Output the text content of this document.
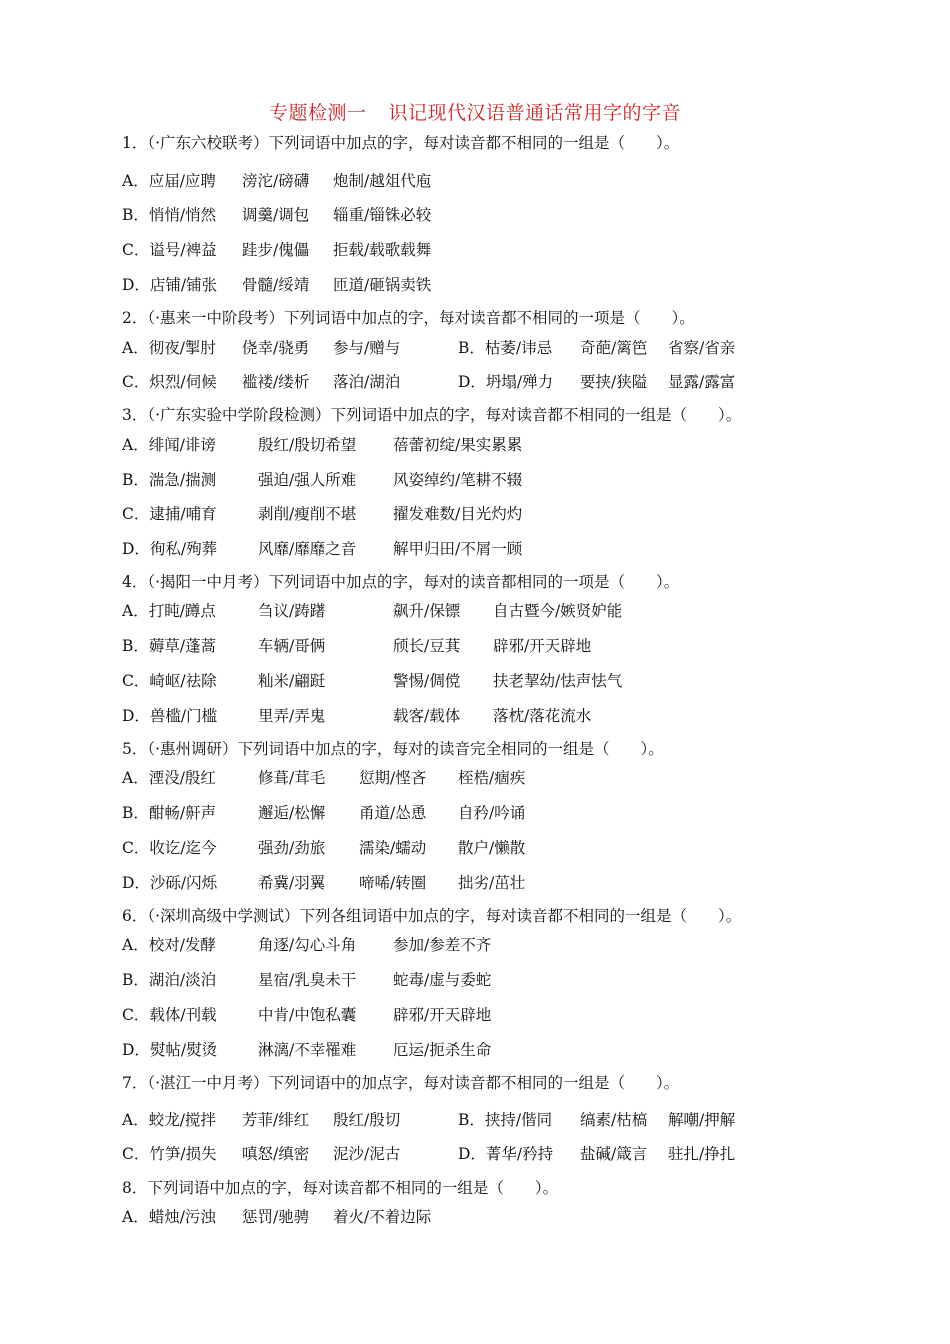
专题检测一 识记现代汉语普通话常用字的字音
1．（·广东六校联考）下列词语中加点的字，每对读音都不相同的一组是（　　）。
A．应届/应聘 滂沱/磅礴 炮制/越俎代庖
B．悄悄/悄然 调羹/调包 辎重/锱铢必较
C．谥号/裨益 跬步/傀儡 拒载/载歌载舞
D．店铺/铺张 骨髓/绥靖 匝道/砸锅卖铁
2．（·惠来一中阶段考）下列词语中加点的字，每对读音都不相同的一项是（　　）。
A．彻夜/掣肘 侥幸/骁勇 参与/赠与	B．枯萎/讳忌 奇葩/篱笆 省察/省亲
C．炽烈/伺候 褴褛/缕析 落泊/湖泊	D．坍塌/殚力 要挟/狭隘 显露/露富
3．（·广东实验中学阶段检测）下列词语中加点的字，每对读音都不相同的一组是（　　）。
A．绯闻/诽谤	殷红/殷切希望 蓓蕾初绽/果实累累
B．湍急/揣测	强迫/强人所难 风姿绰约/笔耕不辍
C．逮捕/哺育	剥削/瘦削不堪 擢发难数/目光灼灼
D．徇私/殉葬	风靡/靡靡之音 解甲归田/不屑一顾
4．（·揭阳一中月考）下列词语中加点的字，每对的读音都相同的一项是（　　）。
A．打盹/蹲点	刍议/踌躇	飙升/保镖 自古暨今/嫉贤妒能
B．薅草/蓬蒿	车辆/哥俩	颀长/豆萁 辟邪/开天辟地
C．崎岖/祛除	籼米/翩跹	警惕/倜傥 扶老挈幼/怯声怯气
D．兽槛/门槛	里弄/弄鬼	载客/载体 落枕/落花流水
5．（·惠州调研）下列词语中加点的字，每对的读音完全相同的一组是（　　）。
A．湮没/殷红	修葺/茸毛 愆期/悭吝 桎梏/痼疾
B．酣畅/鼾声	邂逅/松懈 甬道/怂恿 自矜/吟诵
C．收讫/迄今	强劲/劲旅 濡染/蠕动 散户/懒散
D．沙砾/闪烁	希冀/羽翼 啼唏/转圈 拙劣/茁壮
6．（·深圳高级中学测试）下列各组词语中加点的字，每对读音都不相同的一组是（　　）。
A．校对/发酵	角逐/勾心斗角 参加/参差不齐
B．湖泊/淡泊	星宿/乳臭未干 蛇毒/虚与委蛇
C．载体/刊载	中肯/中饱私囊 辟邪/开天辟地
D．熨帖/熨烫	淋漓/不幸罹难 厄运/扼杀生命
7．（·湛江一中月考）下列词语中的加点字，每对读音都不相同的一组是（　　）。
A．蛟龙/搅拌 芳菲/绯红 殷红/殷切	B．挟持/偕同 缟素/枯槁 解嘲/押解
C．竹笋/损失 嗔怒/缜密 泥沙/泥古	D．菁华/矜持 盐碱/箴言 驻扎/挣扎
8．下列词语中加点的字，每对读音都不相同的一组是（　　）。
A．蜡烛/污浊 惩罚/驰骋 着火/不着边际
